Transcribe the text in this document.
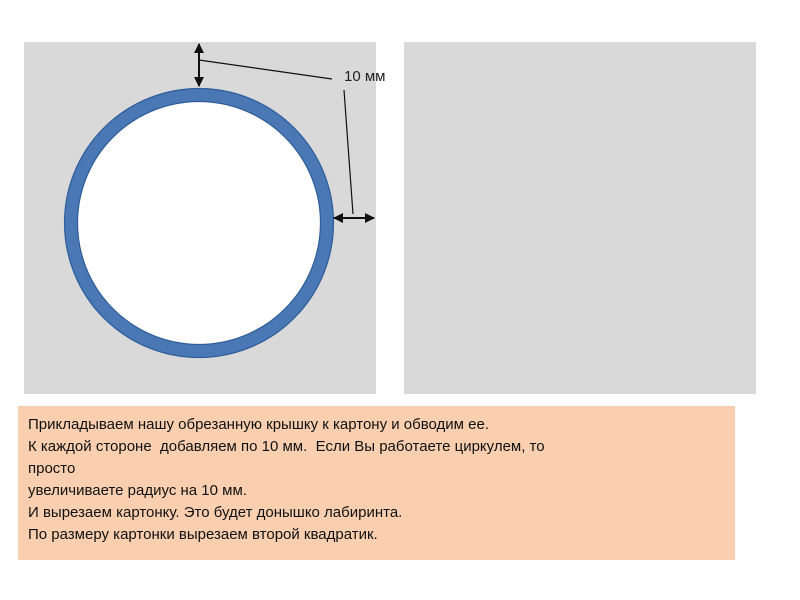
10 мм
Прикладываем нашу обрезанную крышку к картону и обводим ее.
К каждой стороне  добавляем по 10 мм.  Если Вы работаете циркулем, то
просто
увеличиваете радиус на 10 мм.
И вырезаем картонку. Это будет донышко лабиринта.
По размеру картонки вырезаем второй квадратик.
